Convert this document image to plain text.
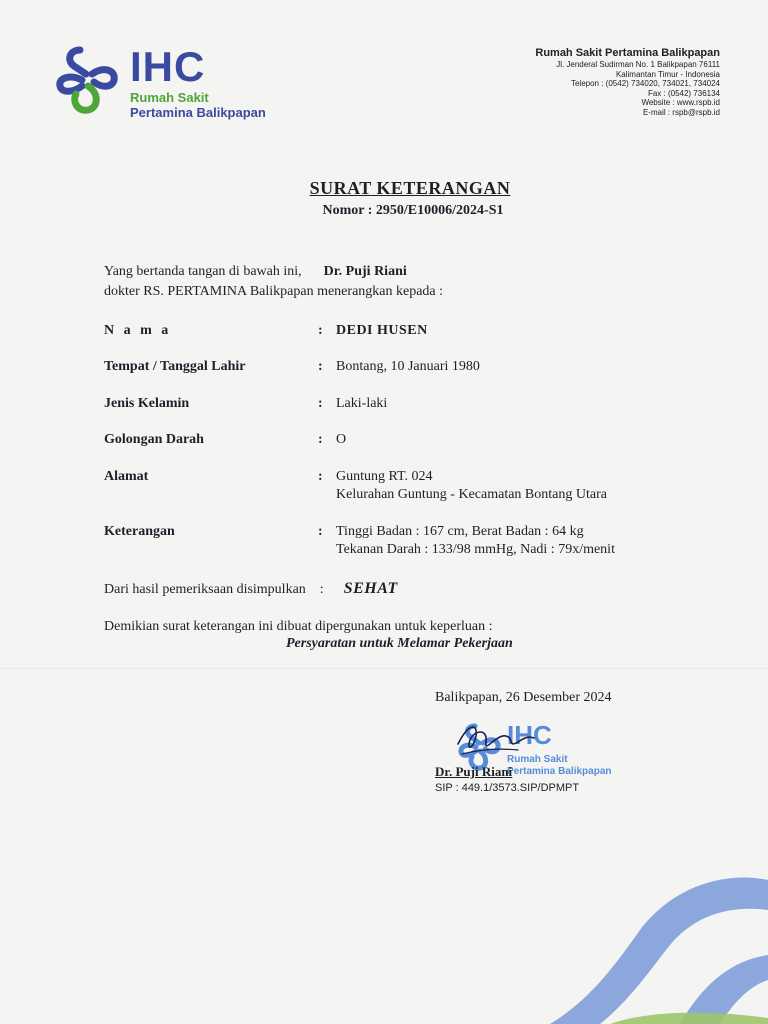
IHC
Rumah Sakit
Pertamina Balikpapan
Rumah Sakit Pertamina Balikpapan
Jl. Jenderal Sudirman No. 1 Balikpapan 76111
Kalimantan Timur - Indonesia
Telepon : (0542) 734020, 734021, 734024
Fax : (0542) 736134
Website : www.rspb.id
E-mail : rspb@rspb.id
SURAT KETERANGAN
Nomor : 2950/E10006/2024-S1
Yang bertanda tangan di bawah ini, Dr. Puji Riani
dokter RS. PERTAMINA Balikpapan menerangkan kepada :
N a m a	: DEDI HUSEN
Tempat / Tanggal Lahir	: Bontang, 10 Januari 1980
Jenis Kelamin	: Laki-laki
Golongan Darah	: O
Alamat	: Guntung RT. 024
Kelurahan Guntung - Kecamatan Bontang Utara
Keterangan	: Tinggi Badan : 167 cm, Berat Badan : 64 kg
Tekanan Darah : 133/98 mmHg, Nadi : 79x/menit
Dari hasil pemeriksaan disimpulkan : SEHAT
Demikian surat keterangan ini dibuat dipergunakan untuk keperluan :
Persyaratan untuk Melamar Pekerjaan
Balikpapan, 26 Desember 2024
IHC
Rumah Sakit
Pertamina Balikpapan
Dr. Puji Riani
SIP : 449.1/3573.SIP/DPMPT
